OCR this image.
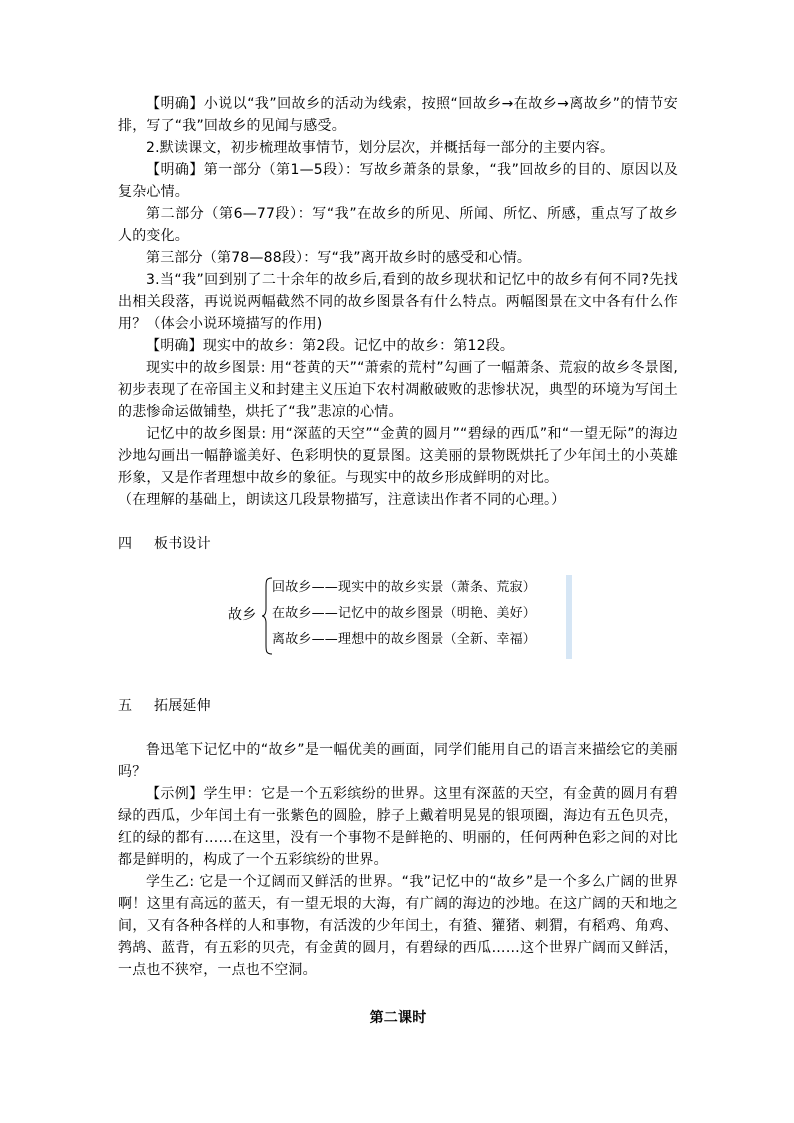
【明确】小说以“我”回故乡的活动为线索，按照“回故乡→在故乡→离故乡”的情节安排，写了“我”回故乡的见闻与感受。

2.默读课文，初步梳理故事情节，划分层次，并概括每一部分的主要内容。

【明确】第一部分（第1—5段）：写故乡萧条的景象，“我”回故乡的目的、原因以及复杂心情。

第二部分（第6—77段）：写“我”在故乡的所见、所闻、所忆、所感，重点写了故乡人的变化。

第三部分（第78—88段）：写“我”离开故乡时的感受和心情。

3.当“我”回到别了二十余年的故乡后,看到的故乡现状和记忆中的故乡有何不同?先找出相关段落，再说说两幅截然不同的故乡图景各有什么特点。两幅图景在文中各有什么作用？（体会小说环境描写的作用)

【明确】现实中的故乡：第2段。记忆中的故乡：第12段。

现实中的故乡图景: 用“苍黄的天”“萧索的荒村”勾画了一幅萧条、荒寂的故乡冬景图, 初步表现了在帝国主义和封建主义压迫下农村凋敝破败的悲惨状况，典型的环境为写闰土的悲惨命运做铺垫，烘托了“我”悲凉的心情。

记忆中的故乡图景: 用“深蓝的天空”“金黄的圆月”“碧绿的西瓜”和“一望无际”的海边沙地勾画出一幅静谧美好、色彩明快的夏景图。这美丽的景物既烘托了少年闰土的小英雄形象，又是作者理想中故乡的象征。与现实中的故乡形成鲜明的对比。

（在理解的基础上，朗读这几段景物描写，注意读出作者不同的心理。）

四 板书设计

故乡
回故乡——现实中的故乡实景（萧条、荒寂）
在故乡——记忆中的故乡图景（明艳、美好）
离故乡——理想中的故乡图景（全新、幸福）

五 拓展延伸

鲁迅笔下记忆中的“故乡”是一幅优美的画面，同学们能用自己的语言来描绘它的美丽吗？

【示例】学生甲：它是一个五彩缤纷的世界。这里有深蓝的天空，有金黄的圆月有碧绿的西瓜，少年闰土有一张紫色的圆脸，脖子上戴着明晃晃的银项圈，海边有五色贝壳，红的绿的都有……在这里，没有一个事物不是鲜艳的、明丽的，任何两种色彩之间的对比都是鲜明的，构成了一个五彩缤纷的世界。

学生乙: 它是一个辽阔而又鲜活的世界。“我”记忆中的“故乡”是一个多么广阔的世界啊！这里有高远的蓝天，有一望无垠的大海，有广阔的海边的沙地。在这广阔的天和地之间，又有各种各样的人和事物，有活泼的少年闰土，有猹、獾猪、刺猬，有稻鸡、角鸡、鹁鸪、蓝背，有五彩的贝壳，有金黄的圆月，有碧绿的西瓜……这个世界广阔而又鲜活，一点也不狭窄，一点也不空洞。

第二课时
